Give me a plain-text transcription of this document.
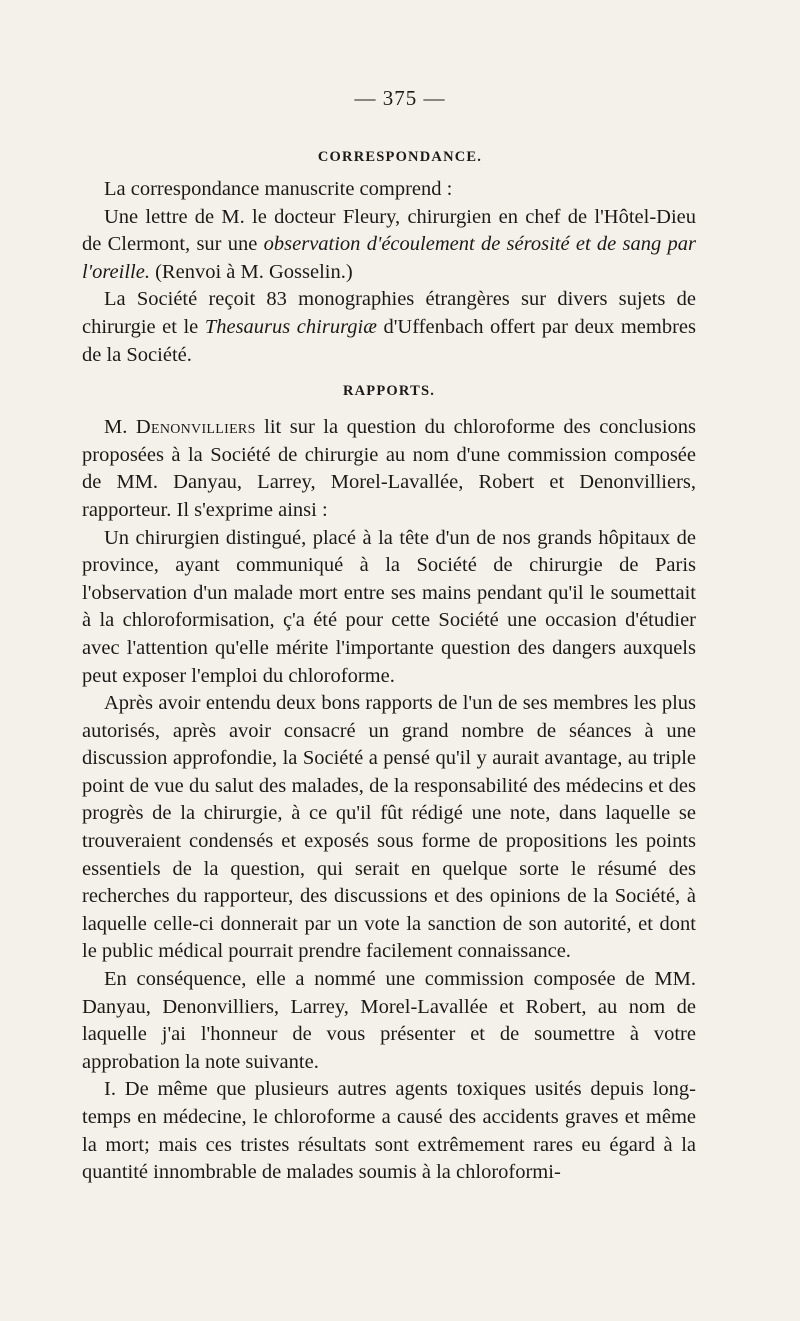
— 375 —
CORRESPONDANCE.

La correspondance manuscrite comprend :

Une lettre de M. le docteur Fleury, chirurgien en chef de l'Hôtel-Dieu de Clermont, sur une observation d'écoulement de sérosité et de sang par l'oreille. (Renvoi à M. Gosselin.)

La Société reçoit 83 monographies étrangères sur divers sujets de chirurgie et le Thesaurus chirurgiæ d'Uffenbach offert par deux membres de la Société.

RAPPORTS.

M. Denonvilliers lit sur la question du chloroforme des conclusions proposées à la Société de chirurgie au nom d'une commission composée de MM. Danyau, Larrey, Morel-Lavallée, Robert et Denonvilliers, rapporteur. Il s'exprime ainsi :

Un chirurgien distingué, placé à la tête d'un de nos grands hôpitaux de province, ayant communiqué à la Société de chirurgie de Paris l'observation d'un malade mort entre ses mains pendant qu'il le soumettait à la chloroformisation, ç'a été pour cette Société une occasion d'étudier avec l'attention qu'elle mérite l'importante question des dangers auxquels peut exposer l'emploi du chloroforme.

Après avoir entendu deux bons rapports de l'un de ses membres les plus autorisés, après avoir consacré un grand nombre de séances à une discussion approfondie, la Société a pensé qu'il y aurait avantage, au triple point de vue du salut des malades, de la responsabilité des médecins et des progrès de la chirurgie, à ce qu'il fût rédigé une note, dans laquelle se trouveraient condensés et exposés sous forme de propositions les points essentiels de la question, qui serait en quelque sorte le résumé des recherches du rapporteur, des discussions et des opinions de la Société, à laquelle celle-ci donnerait par un vote la sanction de son autorité, et dont le public médical pourrait prendre facilement connaissance.

En conséquence, elle a nommé une commission composée de MM. Danyau, Denonvilliers, Larrey, Morel-Lavallée et Robert, au nom de laquelle j'ai l'honneur de vous présenter et de soumettre à votre approbation la note suivante.

I. De même que plusieurs autres agents toxiques usités depuis longtemps en médecine, le chloroforme a causé des accidents graves et même la mort; mais ces tristes résultats sont extrêmement rares eu égard à la quantité innombrable de malades soumis à la chloroformi-
